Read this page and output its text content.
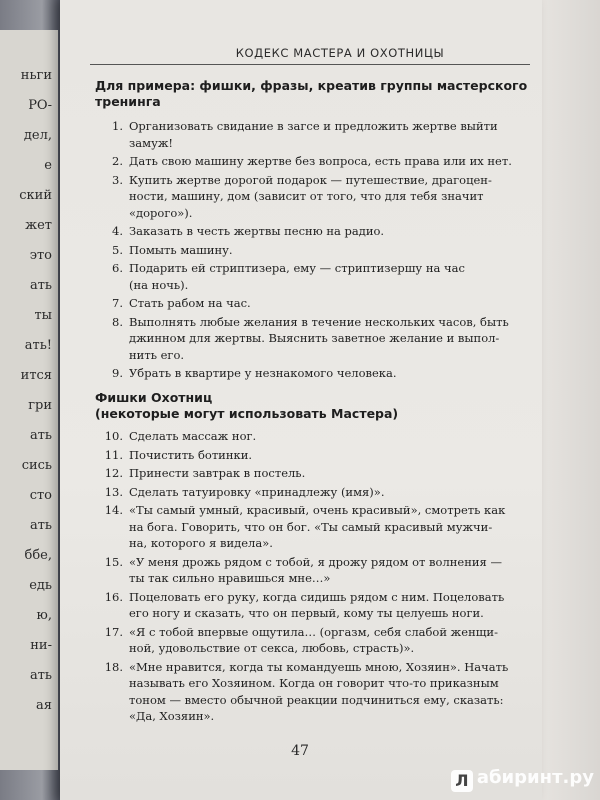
ньги
РО-
дел,
е
ский
жет
это
ать
ты
ать!
ится
гри
ать
сись
сто
ать
ббе,
едь
ю,
ни-
ать
ая
КОДЕКС МАСТЕРА И ОХОТНИЦЫ
Для примера: фишки, фразы, креатив группы мастерского
тренинга
1. Организовать свидание в загсе и предложить жертве выйти
замуж!
2. Дать свою машину жертве без вопроса, есть права или их нет.
3. Купить жертве дорогой подарок — путешествие, драгоцен-
ности, машину, дом (зависит от того, что для тебя значит
«дорого»).
4. Заказать в честь жертвы песню на радио.
5. Помыть машину.
6. Подарить ей стриптизера, ему — стриптизершу на час
(на ночь).
7. Стать рабом на час.
8. Выполнять любые желания в течение нескольких часов, быть
джинном для жертвы. Выяснить заветное желание и выпол-
нить его.
9. Убрать в квартире у незнакомого человека.
Фишки Охотниц
(некоторые могут использовать Мастера)
10. Сделать массаж ног.
11. Почистить ботинки.
12. Принести завтрак в постель.
13. Сделать татуировку «принадлежу (имя)».
14. «Ты самый умный, красивый, очень красивый», смотреть как
на бога. Говорить, что он бог. «Ты самый красивый мужчи-
на, которого я видела».
15. «У меня дрожь рядом с тобой, я дрожу рядом от волнения —
ты так сильно нравишься мне…»
16. Поцеловать его руку, когда сидишь рядом с ним. Поцеловать
его ногу и сказать, что он первый, кому ты целуешь ноги.
17. «Я с тобой впервые ощутила… (оргазм, себя слабой женщи-
ной, удовольствие от секса, любовь, страсть)».
18. «Мне нравится, когда ты командуешь мною, Хозяин». Начать
называть его Хозяином. Когда он говорит что-то приказным
тоном — вместо обычной реакции подчиниться ему, сказать:
«Да, Хозяин».
47
Л абиринт.ру
